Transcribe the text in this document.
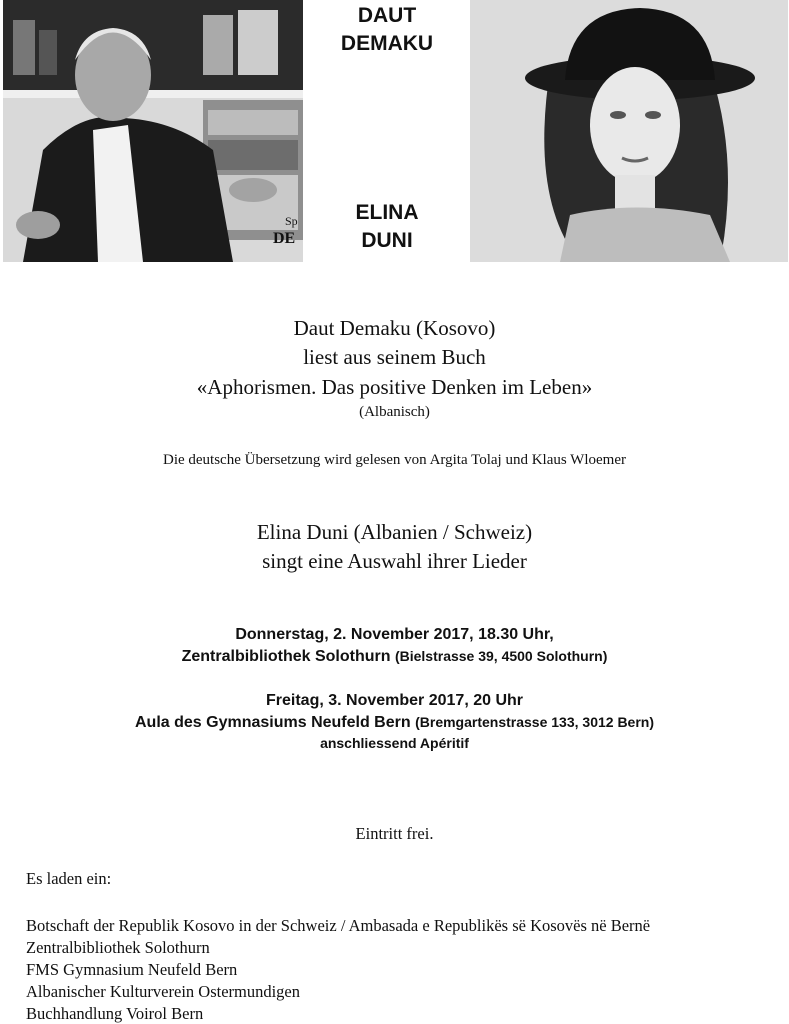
DE
Sp
DAUT
DEMAKU
ELINA
DUNI
Daut Demaku (Kosovo)
liest aus seinem Buch
«Aphorismen. Das positive Denken im Leben»
(Albanisch)
Die deutsche Übersetzung wird gelesen von Argita Tolaj und Klaus Wloemer
Elina Duni (Albanien / Schweiz)
singt eine Auswahl ihrer Lieder
Donnerstag, 2. November 2017, 18.30 Uhr,
Zentralbibliothek Solothurn (Bielstrasse 39, 4500 Solothurn)
Freitag, 3. November 2017, 20 Uhr
Aula des Gymnasiums Neufeld Bern (Bremgartenstrasse 133, 3012 Bern)
anschliessend Apéritif
Eintritt frei.
Es laden ein:
Botschaft der Republik Kosovo in der Schweiz / Ambasada e Republikës së Kosovës në Bernë
Zentralbibliothek Solothurn
FMS Gymnasium Neufeld Bern
Albanischer Kulturverein Ostermundigen
Buchhandlung Voirol Bern
